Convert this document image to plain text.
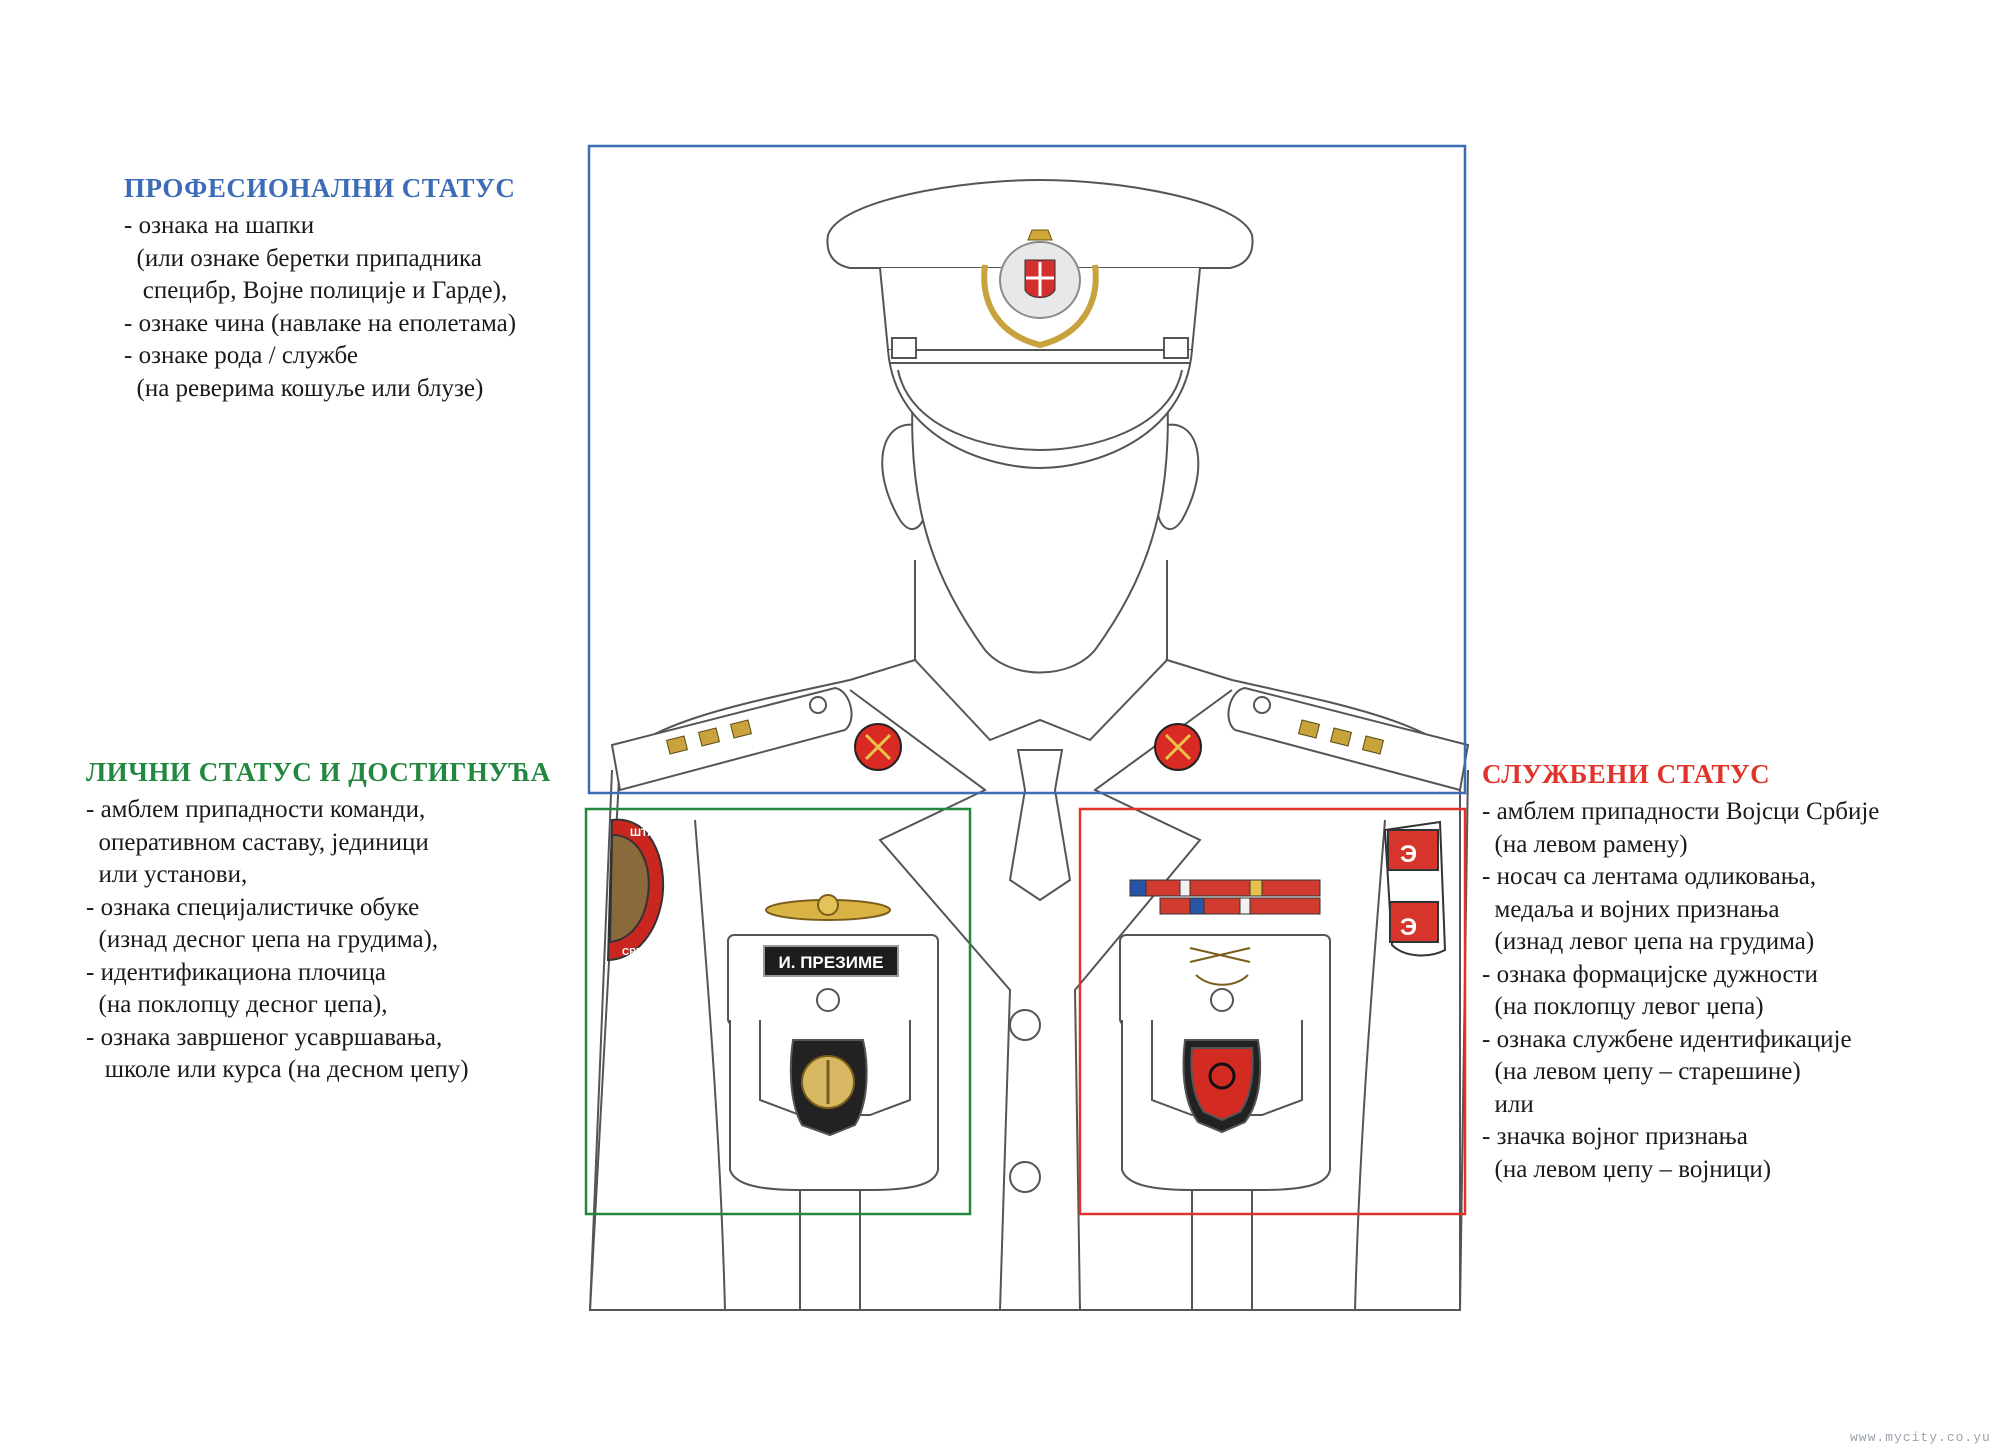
ПРОФЕСИОНАЛНИ СТАТУС
- ознака на шапки
(или ознаке беретки припадника
специбр, Војне полиције и Гарде),
- ознаке чина (навлаке на еполетама)
- ознаке рода / службе
(на реверима кошуље или блузе)
ЛИЧНИ СТАТУС И ДОСТИГНУЋА
- амблем припадности команди,
оперативном саставу, јединици
или установи,
- ознака специјалистичке обуке
(изнад десног џепа на грудима),
- идентификациона плочица
(на поклопцу десног џепа),
- ознака завршеног усавршавања,
школе или курса (на десном џепу)
СЛУЖБЕНИ СТАТУС
- амблем припадности Војсци Србије
(на левом рамену)
- носач са лентама одликовања,
медаља и војних признања
(изнад левог џепа на грудима)
- ознака формацијске дужности
(на поклопцу левог џепа)
- ознака службене идентификације
(на левом џепу – старешине)
или
- значка војног признања
(на левом џепу – војници)
И. ПРЕЗИМЕ
ШТАБ
СРБИЈЕ
Э
Э
www.mycity.co.yu
